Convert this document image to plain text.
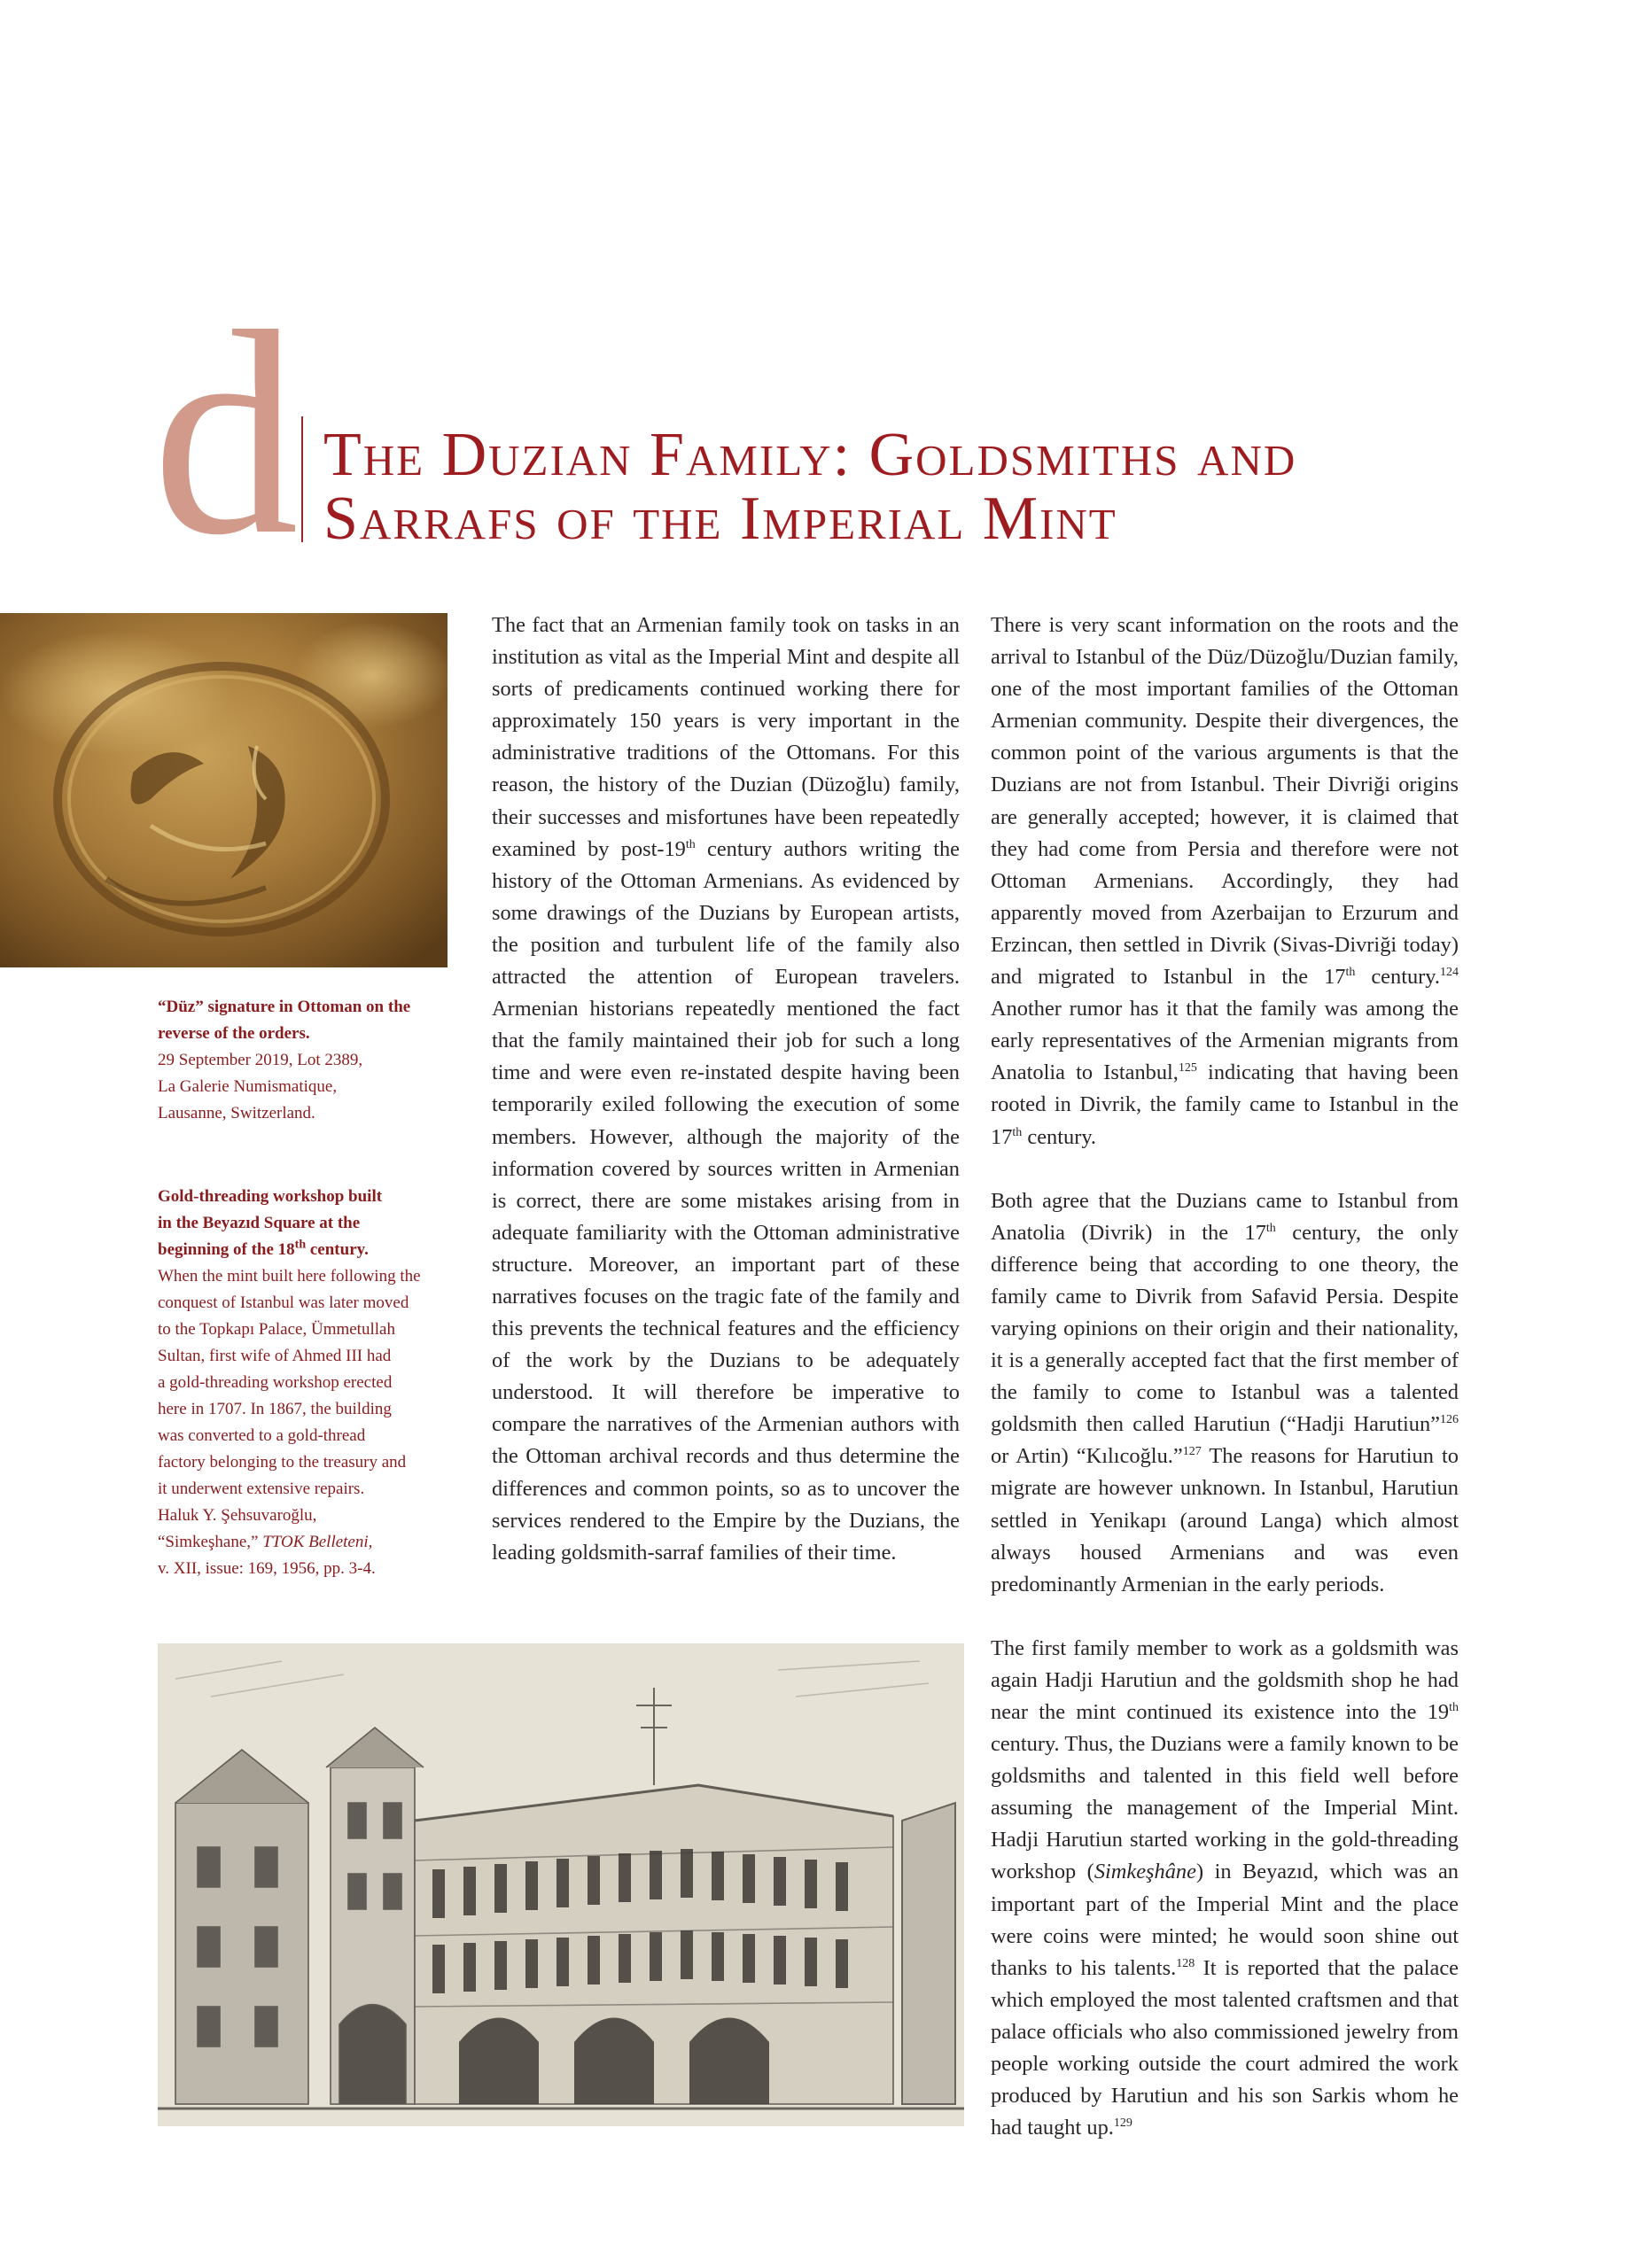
d The Duzian Family: Goldsmiths and
Sarrafs of the Imperial Mint
“Düz” signature in Ottoman on the
reverse of the orders.
29 September 2019, Lot 2389,
La Galerie Numismatique,
Lausanne, Switzerland.
Gold-threading workshop built
in the Beyazıd Square at the
beginning of the 18th century.
When the mint built here following the
conquest of Istanbul was later moved
to the Topkapı Palace, Ümmetullah
Sultan, first wife of Ahmed III had
a gold-threading workshop erected
here in 1707. In 1867, the building
was converted to a gold-thread
factory belonging to the treasury and
it underwent extensive repairs.
Haluk Y. Şehsuvaroğlu,
“Simkeşhane,” TTOK Belleteni,
v. XII, issue: 169, 1956, pp. 3-4.

The fact that an Armenian family took on tasks in an institution as vital as the Imperial Mint and despite all sorts of predicaments continued working there for approximately 150 years is very important in the administrative traditions of the Ottomans. For this reason, the history of the Duzian (Düzoğlu) family, their successes and misfortunes have been repeatedly examined by post-19th century authors writing the history of the Ottoman Armenians. As evidenced by some drawings of the Duzians by European artists, the position and turbulent life of the family also attracted the attention of European travelers. Armenian historians repeatedly mentioned the fact that the family maintained their job for such a long time and were even re-instated despite having been temporarily exiled following the execution of some members. However, although the majority of the information covered by sources written in Armenian is correct, there are some mistakes arising from in adequate familiarity with the Ottoman administrative structure. Moreover, an important part of these narratives focuses on the tragic fate of the family and this prevents the technical features and the efficiency of the work by the Duzians to be adequately understood. It will therefore be imperative to compare the narratives of the Armenian authors with the Ottoman archival records and thus determine the differences and common points, so as to uncover the services rendered to the Empire by the Duzians, the leading goldsmith-sarraf families of their time.

There is very scant information on the roots and the arrival to Istanbul of the Düz/Düzoğlu/Duzian family, one of the most important families of the Ottoman Armenian community. Despite their divergences, the common point of the various arguments is that the Duzians are not from Istanbul. Their Divriği origins are generally accepted; however, it is claimed that they had come from Persia and therefore were not Ottoman Armenians. Accordingly, they had apparently moved from Azerbaijan to Erzurum and Erzincan, then settled in Divrik (Sivas-Divriği today) and migrated to Istanbul in the 17th century.$^{124}$ Another rumor has it that the family was among the early representatives of the Armenian migrants from Anatolia to Istanbul,$^{125}$ indicating that having been rooted in Divrik, the family came to Istanbul in the 17th century.

Both agree that the Duzians came to Istanbul from Anatolia (Divrik) in the 17th century, the only difference being that according to one theory, the family came to Divrik from Safavid Persia. Despite varying opinions on their origin and their nationality, it is a generally accepted fact that the first member of the family to come to Istanbul was a talented goldsmith then called Harutiun (“Hadji Harutiun”$^{126}$ or Artin) “Kılıcoğlu.”$^{127}$ The reasons for Harutiun to migrate are however unknown. In Istanbul, Harutiun settled in Yenikapı (around Langa) which almost always housed Armenians and was even predominantly Armenian in the early periods.

The first family member to work as a goldsmith was again Hadji Harutiun and the goldsmith shop he had near the mint continued its existence into the 19th century. Thus, the Duzians were a family known to be goldsmiths and talented in this field well before assuming the management of the Imperial Mint. Hadji Harutiun started working in the gold-threading workshop (Simkeşhâne) in Beyazıd, which was an important part of the Imperial Mint and the place were coins were minted; he would soon shine out thanks to his talents.$^{128}$ It is reported that the palace which employed the most talented craftsmen and that palace officials who also commissioned jewelry from people working outside the court admired the work produced by Harutiun and his son Sarkis whom he had taught up.$^{129}$
